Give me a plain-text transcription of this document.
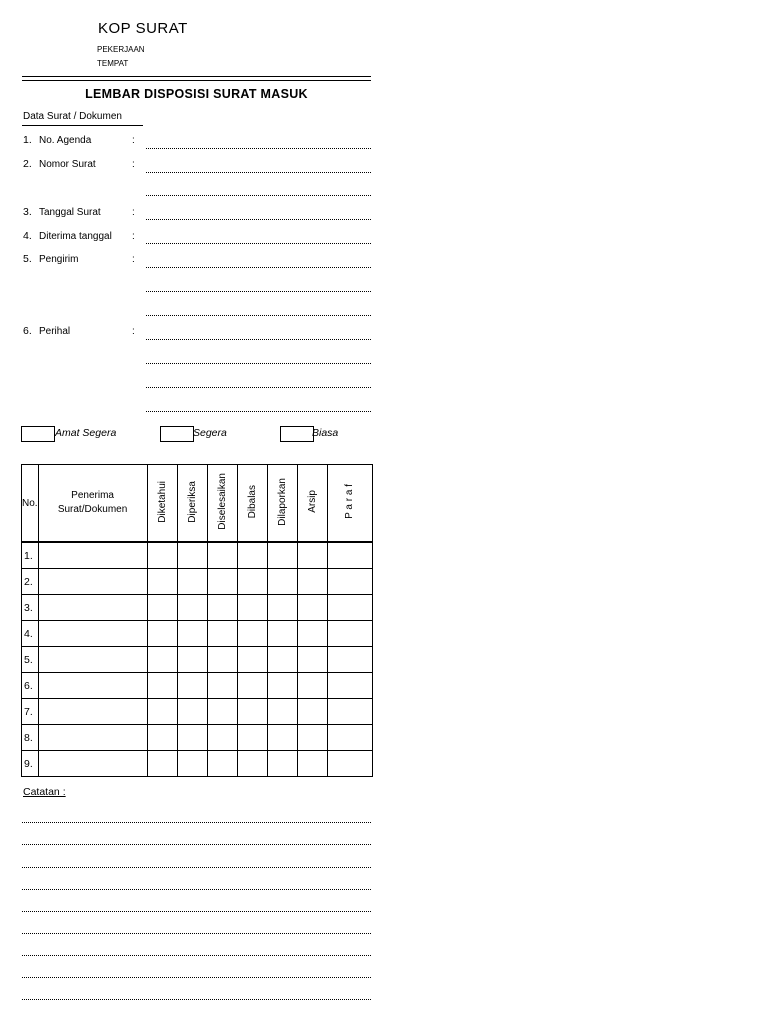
KOP SURAT
PEKERJAAN
TEMPAT
LEMBAR DISPOSISI SURAT MASUK
Data Surat / Dokumen
1. No. Agenda	:
2. Nomor Surat	:
3. Tanggal Surat	:
4. Diterima tanggal :
5. Pengirim	:
6. Perihal	:
Amat Segera	Segera	Biasa
No.	Penerima Surat/Dokumen	Diketahui	Diperiksa	Diselesaikan	Dibalas	Dilaporkan	Arsip	P a r a f
1.								
2.								
3.								
4.								
5.								
6.								
7.								
8.								
9.								
Catatan :
